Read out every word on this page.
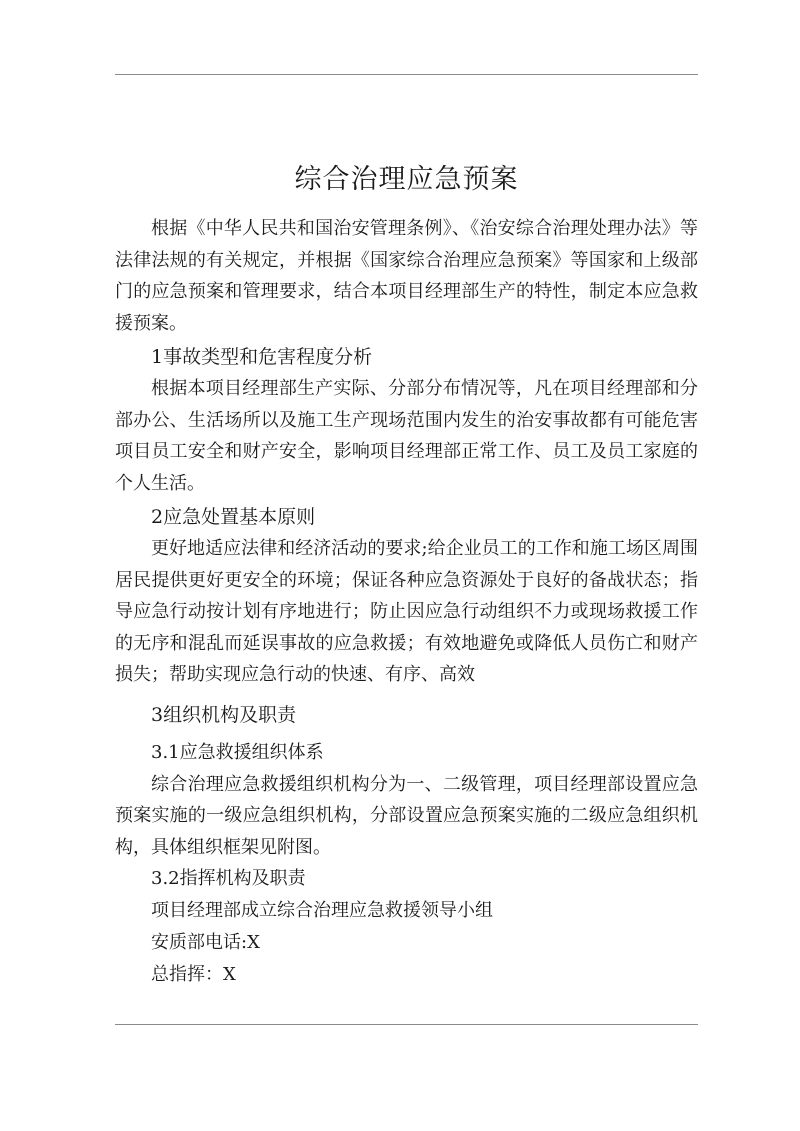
综合治理应急预案

根据《中华人民共和国治安管理条例》、《治安综合治理处理办法》等法律法规的有关规定，并根据《国家综合治理应急预案》等国家和上级部门的应急预案和管理要求，结合本项目经理部生产的特性，制定本应急救援预案。

1事故类型和危害程度分析

根据本项目经理部生产实际、分部分布情况等，凡在项目经理部和分部办公、生活场所以及施工生产现场范围内发生的治安事故都有可能危害项目员工安全和财产安全，影响项目经理部正常工作、员工及员工家庭的个人生活。

2应急处置基本原则

更好地适应法律和经济活动的要求;给企业员工的工作和施工场区周围居民提供更好更安全的环境；保证各种应急资源处于良好的备战状态；指导应急行动按计划有序地进行；防止因应急行动组织不力或现场救援工作的无序和混乱而延误事故的应急救援；有效地避免或降低人员伤亡和财产损失；帮助实现应急行动的快速、有序、高效

3组织机构及职责

3.1应急救援组织体系

综合治理应急救援组织机构分为一、二级管理，项目经理部设置应急预案实施的一级应急组织机构，分部设置应急预案实施的二级应急组织机构，具体组织框架见附图。

3.2指挥机构及职责

项目经理部成立综合治理应急救援领导小组

安质部电话:X

总指挥：X
